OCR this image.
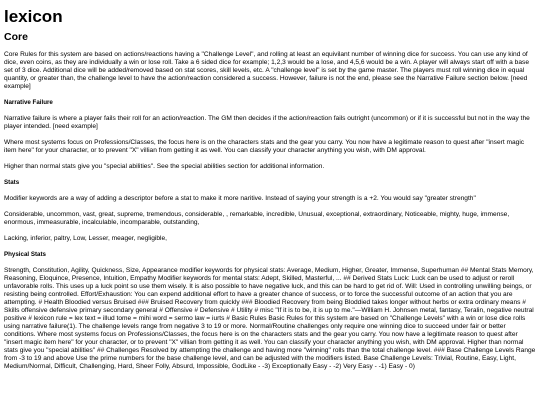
lexicon
Core

Core Rules for this system are based on actions/reactions having a "Challenge Level", and rolling at least an equivilant number of winning dice for success. You can use any kind of dice, even coins, as they are individually a win or lose roll. Take a 6 sided dice for example; 1,2,3 would be a lose, and 4,5,6 would be a win. A player will always start off with a base set of 3 dice. Additional dice will be added/removed based on stat scores, skill levels, etc. A "challenge level" is set by the game master. The players must roll winning dice in equal quantity, or greater than, the challenge level to have the action/reaction considered a success. However, failure is not the end, please see the Narrative Failure section below. [need example]

Narrative Failure

Narrative failure is where a player fails their roll for an action/reaction. The GM then decides if the action/reaction fails outright (uncommon) or if it is successful but not in the way the player intended. [need example]

Where most systems focus on Professions/Classes, the focus here is on the characters stats and the gear you carry. You now have a legitimate reason to quest after "insert magic item here" for your character, or to prevent "X" villian from getting it as well. You can classify your character anything you wish, with DM approval.

Higher than normal stats give you "special abilities". See the special abilities section for additional information.

Stats

Modifier keywords are a way of adding a descriptor before a stat to make it more naritive. Instead of saying your strength is a +2. You would say "greater strength"

Considerable, uncommon, vast, great, supreme, tremendous, considerable, , remarkable, incredible, Unusual, exceptional, extraordinary, Noticeable, mighty, huge, immense, enormous, immeasurable, incalculable, incomparable, outstanding,

Lacking, inferior, paltry, Low, Lesser, meager, negligible,

Physical Stats

Strength, Constitution, Agility, Quickness, Size, Appearance modifier keywords for physical stats: Average, Medium, Higher, Greater, Immense, Superhuman ## Mental Stats Memory, Reasoning, Eloquince, Presence, Intuition, Empathy Modifier keywords for mental stats: Adept, Skilled, Masterful, ... ## Derived Stats Luck: Luck can be used to adjust or reroll unfavorable rolls. This uses up a luck point so use them wisely. It is also possible to have negative luck, and this can be hard to get rid of. Will: Used in controlling unwilling beings, or resisting being controlled. Effort/Exhaustion: You can expend additional effort to have a greater chance of success, or to force the successful outcome of an action that you are attempting. # Health Bloodied versus Bruised ### Bruised Recovery from quickly ### Bloodied Recovery from being Bloddied takes longer without herbs or extra ordinary means # Skills offensive defensive primary secondary general # Offensive # Defensive # Utility # misc "If it is to be, it is up to me."—William H. Johnsen metal, fantasy, Teralin, negative neutral positive # lexicon rule = lex text = illud tome = mihi word = sermo law = iurts # Basic Rules Basic Rules for this system are based on "Challenge Levels" with a win or lose dice rolls using narrative failure(1). The challenge levels range from negative 3 to 19 or more. Normal/Routine challenges only require one winning dice to succeed under fair or better conditions. Where most systems focus on Professions/Classes, the focus here is on the characters stats and the gear you carry. You now have a legitimate reason to quest after "insert magic item here" for your character, or to prevent "X" villian from getting it as well. You can classify your character anything you wish, with DM approval. Higher than normal stats give you "special abilities" ## Challenges Resolved by attempting the challenge and having more "winning" rolls than the total challenge level. ### Base Challenge Levels Range from -3 to 19 and above Use the prime numbers for the base challenge level, and can be adjusted with the modifiers listed. Base Challenge Levels: Trivial, Routine, Easy, Light, Medium/Normal, Difficult, Challenging, Hard, Sheer Folly, Absurd, Impossible, GodLike - -3) Exceptionally Easy - -2) Very Easy - -1) Easy - 0)
